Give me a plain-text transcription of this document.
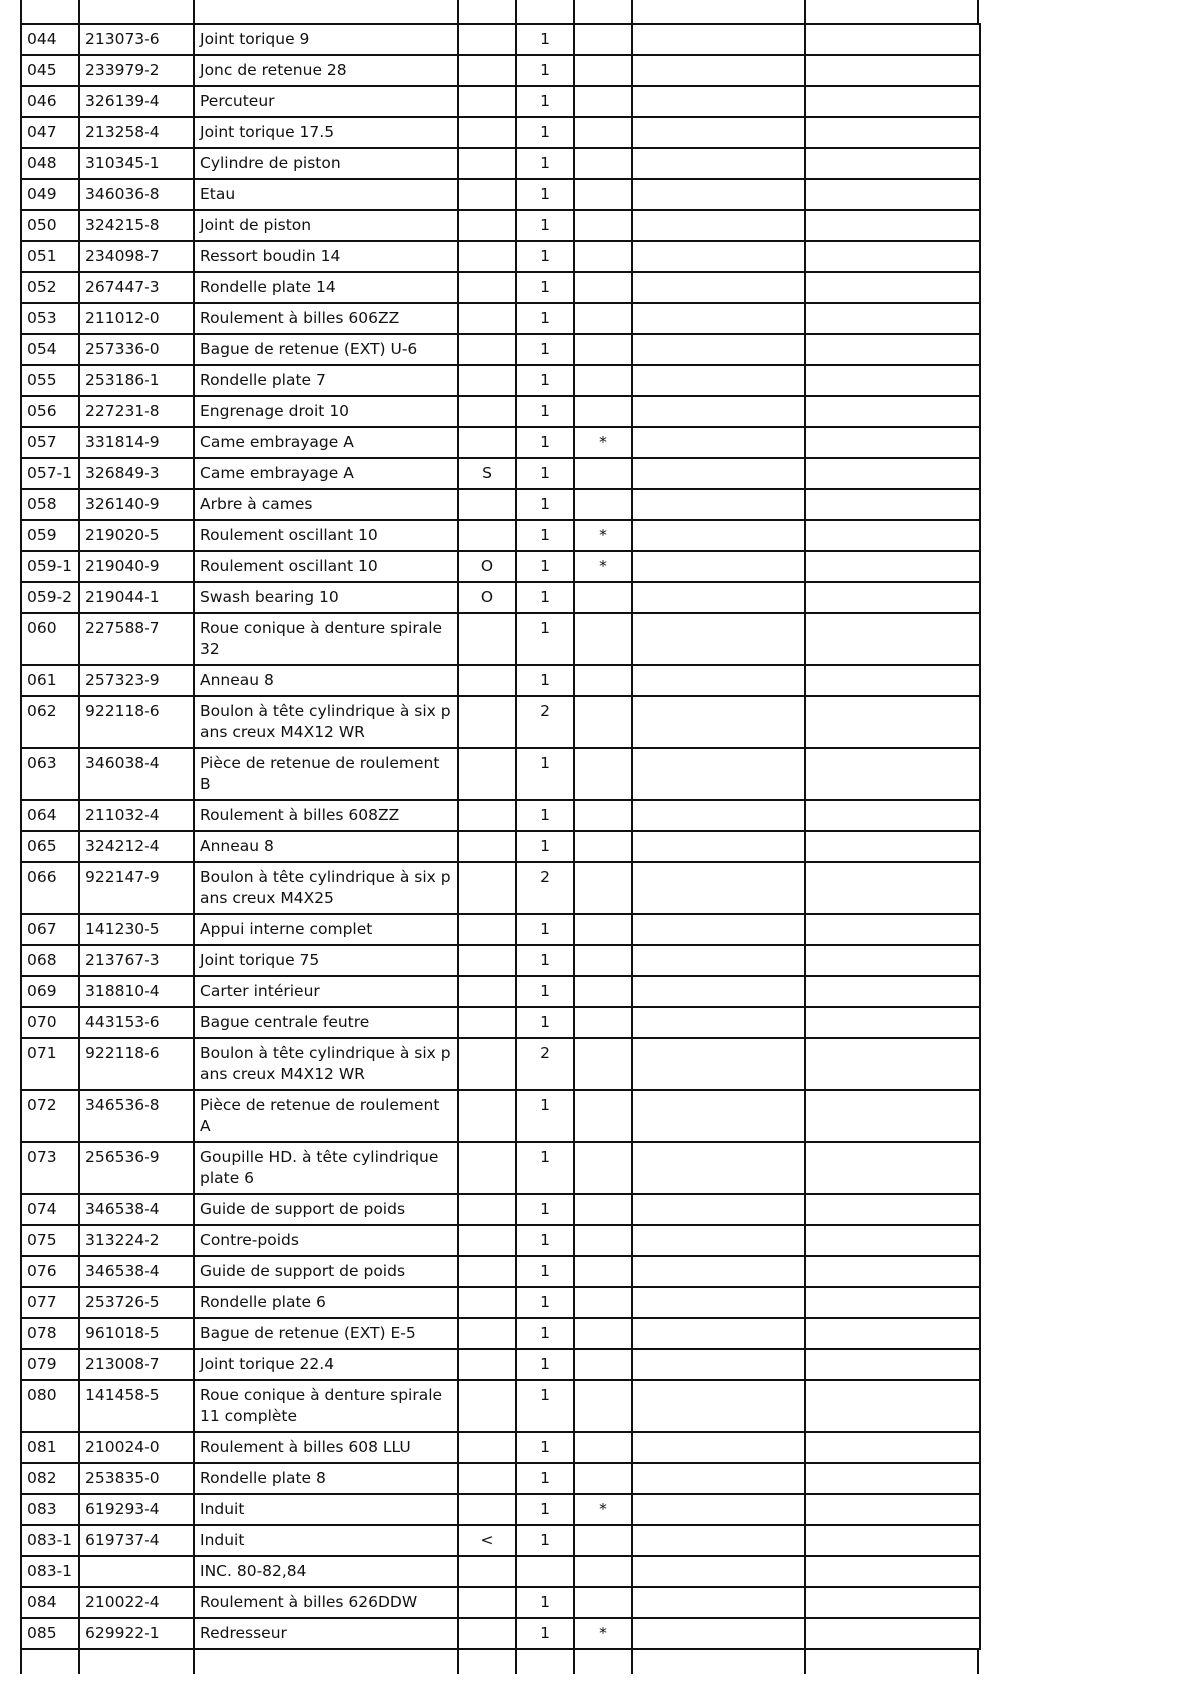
044	213073-6	Joint torique 9		1			
045	233979-2	Jonc de retenue 28		1			
046	326139-4	Percuteur		1			
047	213258-4	Joint torique 17.5		1			
048	310345-1	Cylindre de piston		1			
049	346036-8	Etau		1			
050	324215-8	Joint de piston		1			
051	234098-7	Ressort boudin 14		1			
052	267447-3	Rondelle plate 14		1			
053	211012-0	Roulement à billes 606ZZ		1			
054	257336-0	Bague de retenue (EXT) U-6		1			
055	253186-1	Rondelle plate 7		1			
056	227231-8	Engrenage droit 10		1			
057	331814-9	Came embrayage A		1	*		
057-1	326849-3	Came embrayage A	S	1			
058	326140-9	Arbre à cames		1			
059	219020-5	Roulement oscillant 10		1	*		
059-1	219040-9	Roulement oscillant 10	O	1	*		
059-2	219044-1	Swash bearing 10	O	1			
060	227588-7	Roue conique à denture spirale 32		1			
061	257323-9	Anneau 8		1			
062	922118-6	Boulon à tête cylindrique à six pans creux M4X12 WR		2			
063	346038-4	Pièce de retenue de roulement B		1			
064	211032-4	Roulement à billes 608ZZ		1			
065	324212-4	Anneau 8		1			
066	922147-9	Boulon à tête cylindrique à six pans creux M4X25		2			
067	141230-5	Appui interne complet		1			
068	213767-3	Joint torique 75		1			
069	318810-4	Carter intérieur		1			
070	443153-6	Bague centrale feutre		1			
071	922118-6	Boulon à tête cylindrique à six pans creux M4X12 WR		2			
072	346536-8	Pièce de retenue de roulement A		1			
073	256536-9	Goupille HD. à tête cylindrique plate 6		1			
074	346538-4	Guide de support de poids		1			
075	313224-2	Contre-poids		1			
076	346538-4	Guide de support de poids		1			
077	253726-5	Rondelle plate 6		1			
078	961018-5	Bague de retenue (EXT) E-5		1			
079	213008-7	Joint torique 22.4		1			
080	141458-5	Roue conique à denture spirale 11 complète		1			
081	210024-0	Roulement à billes 608 LLU		1			
082	253835-0	Rondelle plate 8		1			
083	619293-4	Induit		1	*		
083-1	619737-4	Induit	<	1			
083-1		INC. 80-82,84					
084	210022-4	Roulement à billes 626DDW		1			
085	629922-1	Redresseur		1	*		
